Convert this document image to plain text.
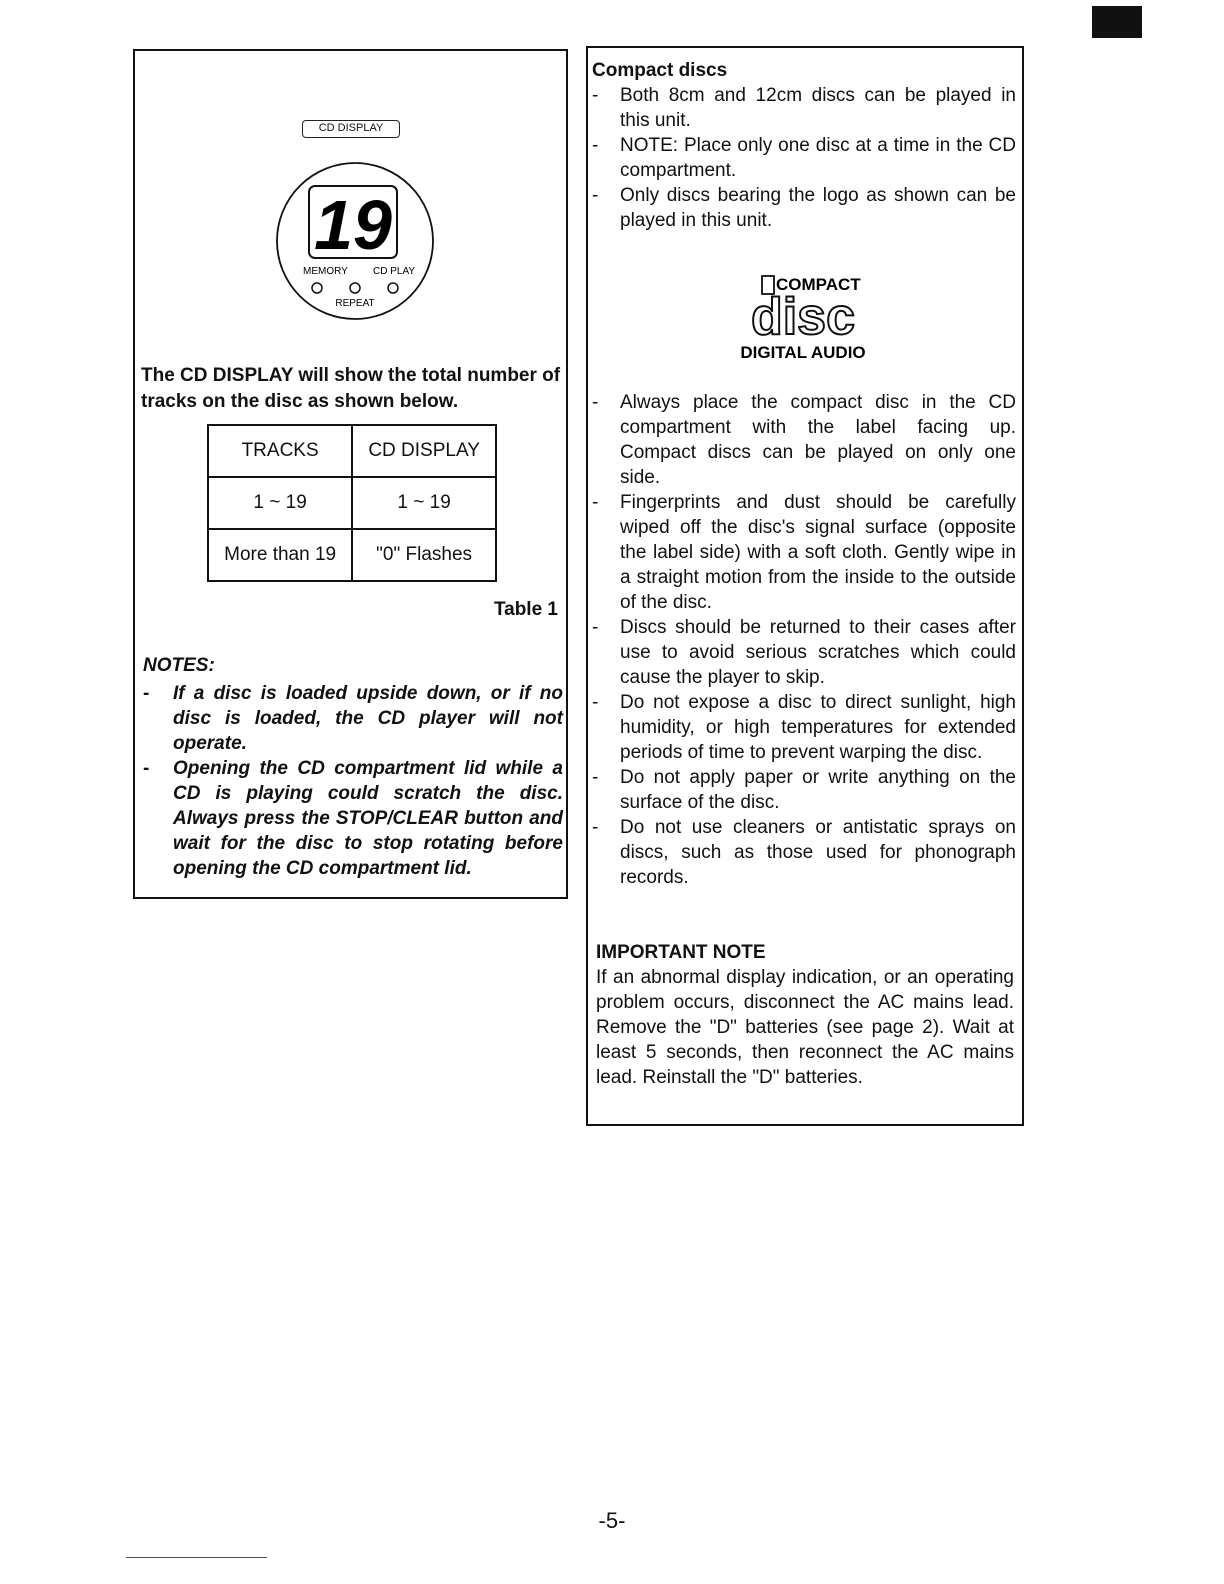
CD DISPLAY
19
MEMORY	CD PLAY
REPEAT
The CD DISPLAY will show the total number of tracks on the disc as shown below.
TRACKS	CD DISPLAY
1 ~ 19	1 ~ 19
More than 19	"0" Flashes
Table 1
NOTES:
- If a disc is loaded upside down, or if no disc is loaded, the CD player will not operate.
- Opening the CD compartment lid while a CD is playing could scratch the disc. Always press the STOP/CLEAR button and wait for the disc to stop rotating before opening the CD compartment lid.
Compact discs
- Both 8cm and 12cm discs can be played in this unit.
- NOTE: Place only one disc at a time in the CD compartment.
- Only discs bearing the logo as shown can be played in this unit.
COMPACT
disc
DIGITAL AUDIO
- Always place the compact disc in the CD compartment with the label facing up. Compact discs can be played on only one side.
- Fingerprints and dust should be carefully wiped off the disc's signal surface (opposite the label side) with a soft cloth. Gently wipe in a straight motion from the inside to the outside of the disc.
- Discs should be returned to their cases after use to avoid serious scratches which could cause the player to skip.
- Do not expose a disc to direct sunlight, high humidity, or high temperatures for extended periods of time to prevent warping the disc.
- Do not apply paper or write anything on the surface of the disc.
- Do not use cleaners or antistatic sprays on discs, such as those used for phonograph records.
IMPORTANT NOTE

If an abnormal display indication, or an operating problem occurs, disconnect the AC mains lead. Remove the "D" batteries (see page 2). Wait at least 5 seconds, then reconnect the AC mains lead. Reinstall the "D" batteries.

-5-
